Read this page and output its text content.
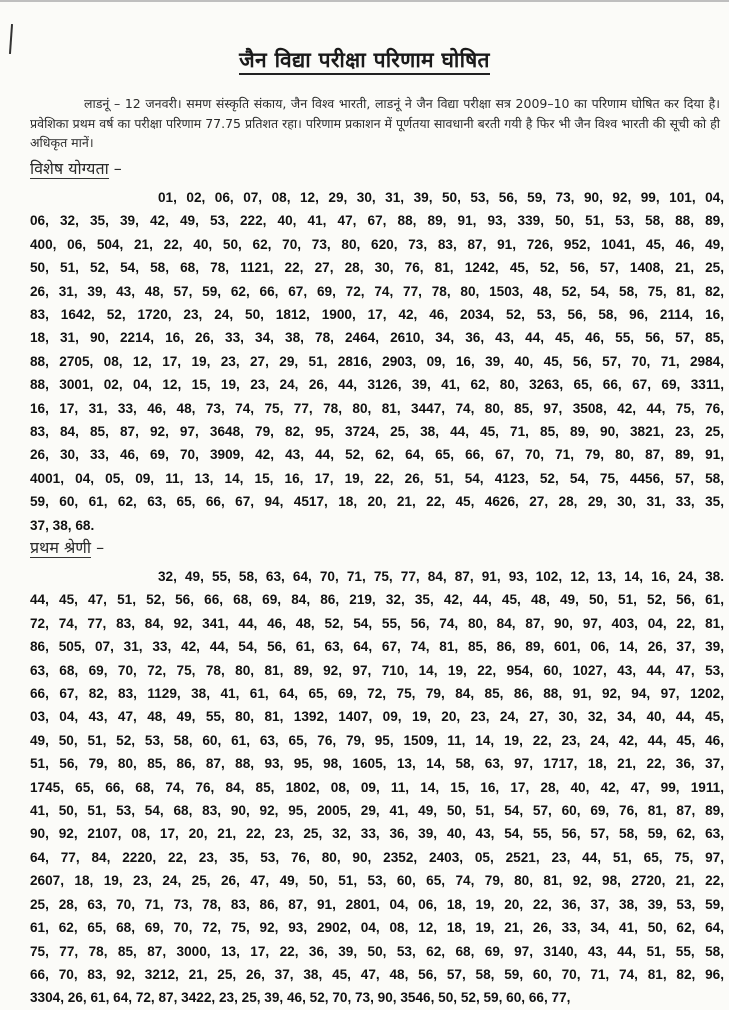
जैन विद्या परीक्षा परिणाम घोषित
लाडनूं – 12 जनवरी। समण संस्कृति संकाय, जैन विश्व भारती, लाडनूं ने जैन विद्या परीक्षा सत्र 2009–10 का परिणाम घोषित कर दिया है। प्रवेशिका प्रथम वर्ष का परीक्षा परिणाम 77.75 प्रतिशत रहा। परिणाम प्रकाशन में पूर्णतया सावधानी बरती गयी है फिर भी जैन विश्व भारती की सूची को ही अधिकृत मानें।
विशेष योग्यता –
01, 02, 06, 07, 08, 12, 29, 30, 31, 39, 50, 53, 56, 59, 73, 90, 92, 99, 101, 04,
06, 32, 35, 39, 42, 49, 53, 222, 40, 41, 47, 67, 88, 89, 91, 93, 339, 50, 51, 53, 58, 88, 89,
400, 06, 504, 21, 22, 40, 50, 62, 70, 73, 80, 620, 73, 83, 87, 91, 726, 952, 1041, 45, 46, 49,
50, 51, 52, 54, 58, 68, 78, 1121, 22, 27, 28, 30, 76, 81, 1242, 45, 52, 56, 57, 1408, 21, 25,
26, 31, 39, 43, 48, 57, 59, 62, 66, 67, 69, 72, 74, 77, 78, 80, 1503, 48, 52, 54, 58, 75, 81, 82,
83, 1642, 52, 1720, 23, 24, 50, 1812, 1900, 17, 42, 46, 2034, 52, 53, 56, 58, 96, 2114, 16,
18, 31, 90, 2214, 16, 26, 33, 34, 38, 78, 2464, 2610, 34, 36, 43, 44, 45, 46, 55, 56, 57, 85,
88, 2705, 08, 12, 17, 19, 23, 27, 29, 51, 2816, 2903, 09, 16, 39, 40, 45, 56, 57, 70, 71, 2984,
88, 3001, 02, 04, 12, 15, 19, 23, 24, 26, 44, 3126, 39, 41, 62, 80, 3263, 65, 66, 67, 69, 3311,
16, 17, 31, 33, 46, 48, 73, 74, 75, 77, 78, 80, 81, 3447, 74, 80, 85, 97, 3508, 42, 44, 75, 76,
83, 84, 85, 87, 92, 97, 3648, 79, 82, 95, 3724, 25, 38, 44, 45, 71, 85, 89, 90, 3821, 23, 25,
26, 30, 33, 46, 69, 70, 3909, 42, 43, 44, 52, 62, 64, 65, 66, 67, 70, 71, 79, 80, 87, 89, 91,
4001, 04, 05, 09, 11, 13, 14, 15, 16, 17, 19, 22, 26, 51, 54, 4123, 52, 54, 75, 4456, 57, 58,
59, 60, 61, 62, 63, 65, 66, 67, 94, 4517, 18, 20, 21, 22, 45, 4626, 27, 28, 29, 30, 31, 33, 35,
37, 38, 68.
प्रथम श्रेणी –
32, 49, 55, 58, 63, 64, 70, 71, 75, 77, 84, 87, 91, 93, 102, 12, 13, 14, 16, 24, 38.
44, 45, 47, 51, 52, 56, 66, 68, 69, 84, 86, 219, 32, 35, 42, 44, 45, 48, 49, 50, 51, 52, 56, 61,
72, 74, 77, 83, 84, 92, 341, 44, 46, 48, 52, 54, 55, 56, 74, 80, 84, 87, 90, 97, 403, 04, 22, 81,
86, 505, 07, 31, 33, 42, 44, 54, 56, 61, 63, 64, 67, 74, 81, 85, 86, 89, 601, 06, 14, 26, 37, 39,
63, 68, 69, 70, 72, 75, 78, 80, 81, 89, 92, 97, 710, 14, 19, 22, 954, 60, 1027, 43, 44, 47, 53,
66, 67, 82, 83, 1129, 38, 41, 61, 64, 65, 69, 72, 75, 79, 84, 85, 86, 88, 91, 92, 94, 97, 1202,
03, 04, 43, 47, 48, 49, 55, 80, 81, 1392, 1407, 09, 19, 20, 23, 24, 27, 30, 32, 34, 40, 44, 45,
49, 50, 51, 52, 53, 58, 60, 61, 63, 65, 76, 79, 95, 1509, 11, 14, 19, 22, 23, 24, 42, 44, 45, 46,
51, 56, 79, 80, 85, 86, 87, 88, 93, 95, 98, 1605, 13, 14, 58, 63, 97, 1717, 18, 21, 22, 36, 37,
1745, 65, 66, 68, 74, 76, 84, 85, 1802, 08, 09, 11, 14, 15, 16, 17, 28, 40, 42, 47, 99, 1911,
41, 50, 51, 53, 54, 68, 83, 90, 92, 95, 2005, 29, 41, 49, 50, 51, 54, 57, 60, 69, 76, 81, 87, 89,
90, 92, 2107, 08, 17, 20, 21, 22, 23, 25, 32, 33, 36, 39, 40, 43, 54, 55, 56, 57, 58, 59, 62, 63,
64, 77, 84, 2220, 22, 23, 35, 53, 76, 80, 90, 2352, 2403, 05, 2521, 23, 44, 51, 65, 75, 97,
2607, 18, 19, 23, 24, 25, 26, 47, 49, 50, 51, 53, 60, 65, 74, 79, 80, 81, 92, 98, 2720, 21, 22,
25, 28, 63, 70, 71, 73, 78, 83, 86, 87, 91, 2801, 04, 06, 18, 19, 20, 22, 36, 37, 38, 39, 53, 59,
61, 62, 65, 68, 69, 70, 72, 75, 92, 93, 2902, 04, 08, 12, 18, 19, 21, 26, 33, 34, 41, 50, 62, 64,
75, 77, 78, 85, 87, 3000, 13, 17, 22, 36, 39, 50, 53, 62, 68, 69, 97, 3140, 43, 44, 51, 55, 58,
66, 70, 83, 92, 3212, 21, 25, 26, 37, 38, 45, 47, 48, 56, 57, 58, 59, 60, 70, 71, 74, 81, 82, 96,
3304, 26, 61, 64, 72, 87, 3422, 23, 25, 39, 46, 52, 70, 73, 90, 3546, 50, 52, 59, 60, 66, 77,
